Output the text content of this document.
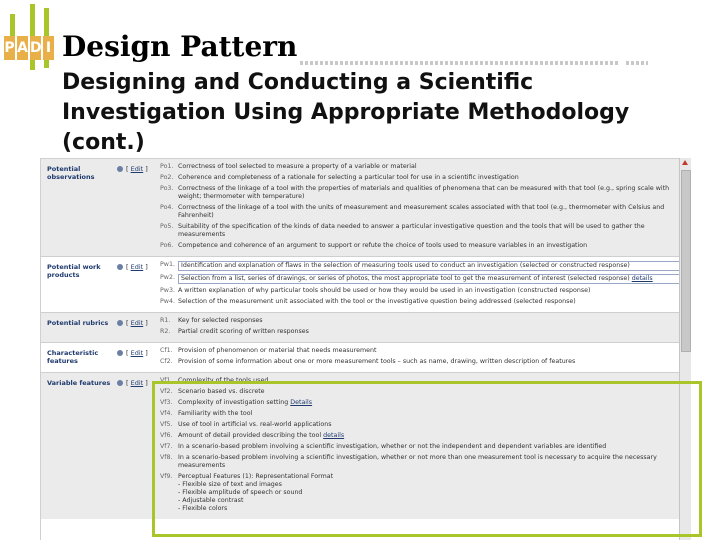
P A D I Design Pattern
Designing and Conducting a Scientific Investigation Using Appropriate Methodology (cont.)
Potential observations
[ Edit ] Po1. Correctness of tool selected to measure a property of a variable or material
Po2. Coherence and completeness of a rationale for selecting a particular tool for use in a scientific investigation
Po3. Correctness of the linkage of a tool with the properties of materials and qualities of phenomena that can be measured with that tool (e.g., spring scale with weight; thermometer with temperature)
Po4. Correctness of the linkage of a tool with the units of measurement and measurement scales associated with that tool (e.g., thermometer with Celsius and Fahrenheit)
Po5. Suitability of the specification of the kinds of data needed to answer a particular investigative question and the tools that will be used to gather the measurements
Po6. Competence and coherence of an argument to support or refute the choice of tools used to measure variables in an investigation
Potential work products
[ Edit ] Pw1. Identification and explanation of flaws in the selection of measuring tools used to conduct an investigation (selected or constructed response)
Pw2. Selection from a list, series of drawings, or series of photos, the most appropriate tool to get the measurement of interest (selected response) details
Pw3. A written explanation of why particular tools should be used or how they would be used in an investigation (constructed response)
Pw4. Selection of the measurement unit associated with the tool or the investigative question being addressed (selected response)
Potential rubrics	[ Edit ] R1.	Key for selected responses
R2.	Partial credit scoring of written responses
Characteristic features
[ Edit ] Cf1. Provision of phenomenon or material that needs measurement
Cf2. Provision of some information about one or more measurement tools – such as name, drawing, written description of features
Variable features	[ Edit ] Vf1. Complexity of the tools used
Vf2. Scenario based vs. discrete
Vf3. Complexity of investigation setting Details
Vf4. Familiarity with the tool
Vf5. Use of tool in artificial vs. real-world applications
Vf6. Amount of detail provided describing the tool details
Vf7. In a scenario-based problem involving a scientific investigation, whether or not the independent and dependent variables are identified
Vf8. In a scenario-based problem involving a scientific investigation, whether or not more than one measurement tool is necessary to acquire the necessary measurements
Vf9. Perceptual Features (1): Representational Format
- Flexible size of text and images
- Flexible amplitude of speech or sound
- Adjustable contrast
- Flexible colors
